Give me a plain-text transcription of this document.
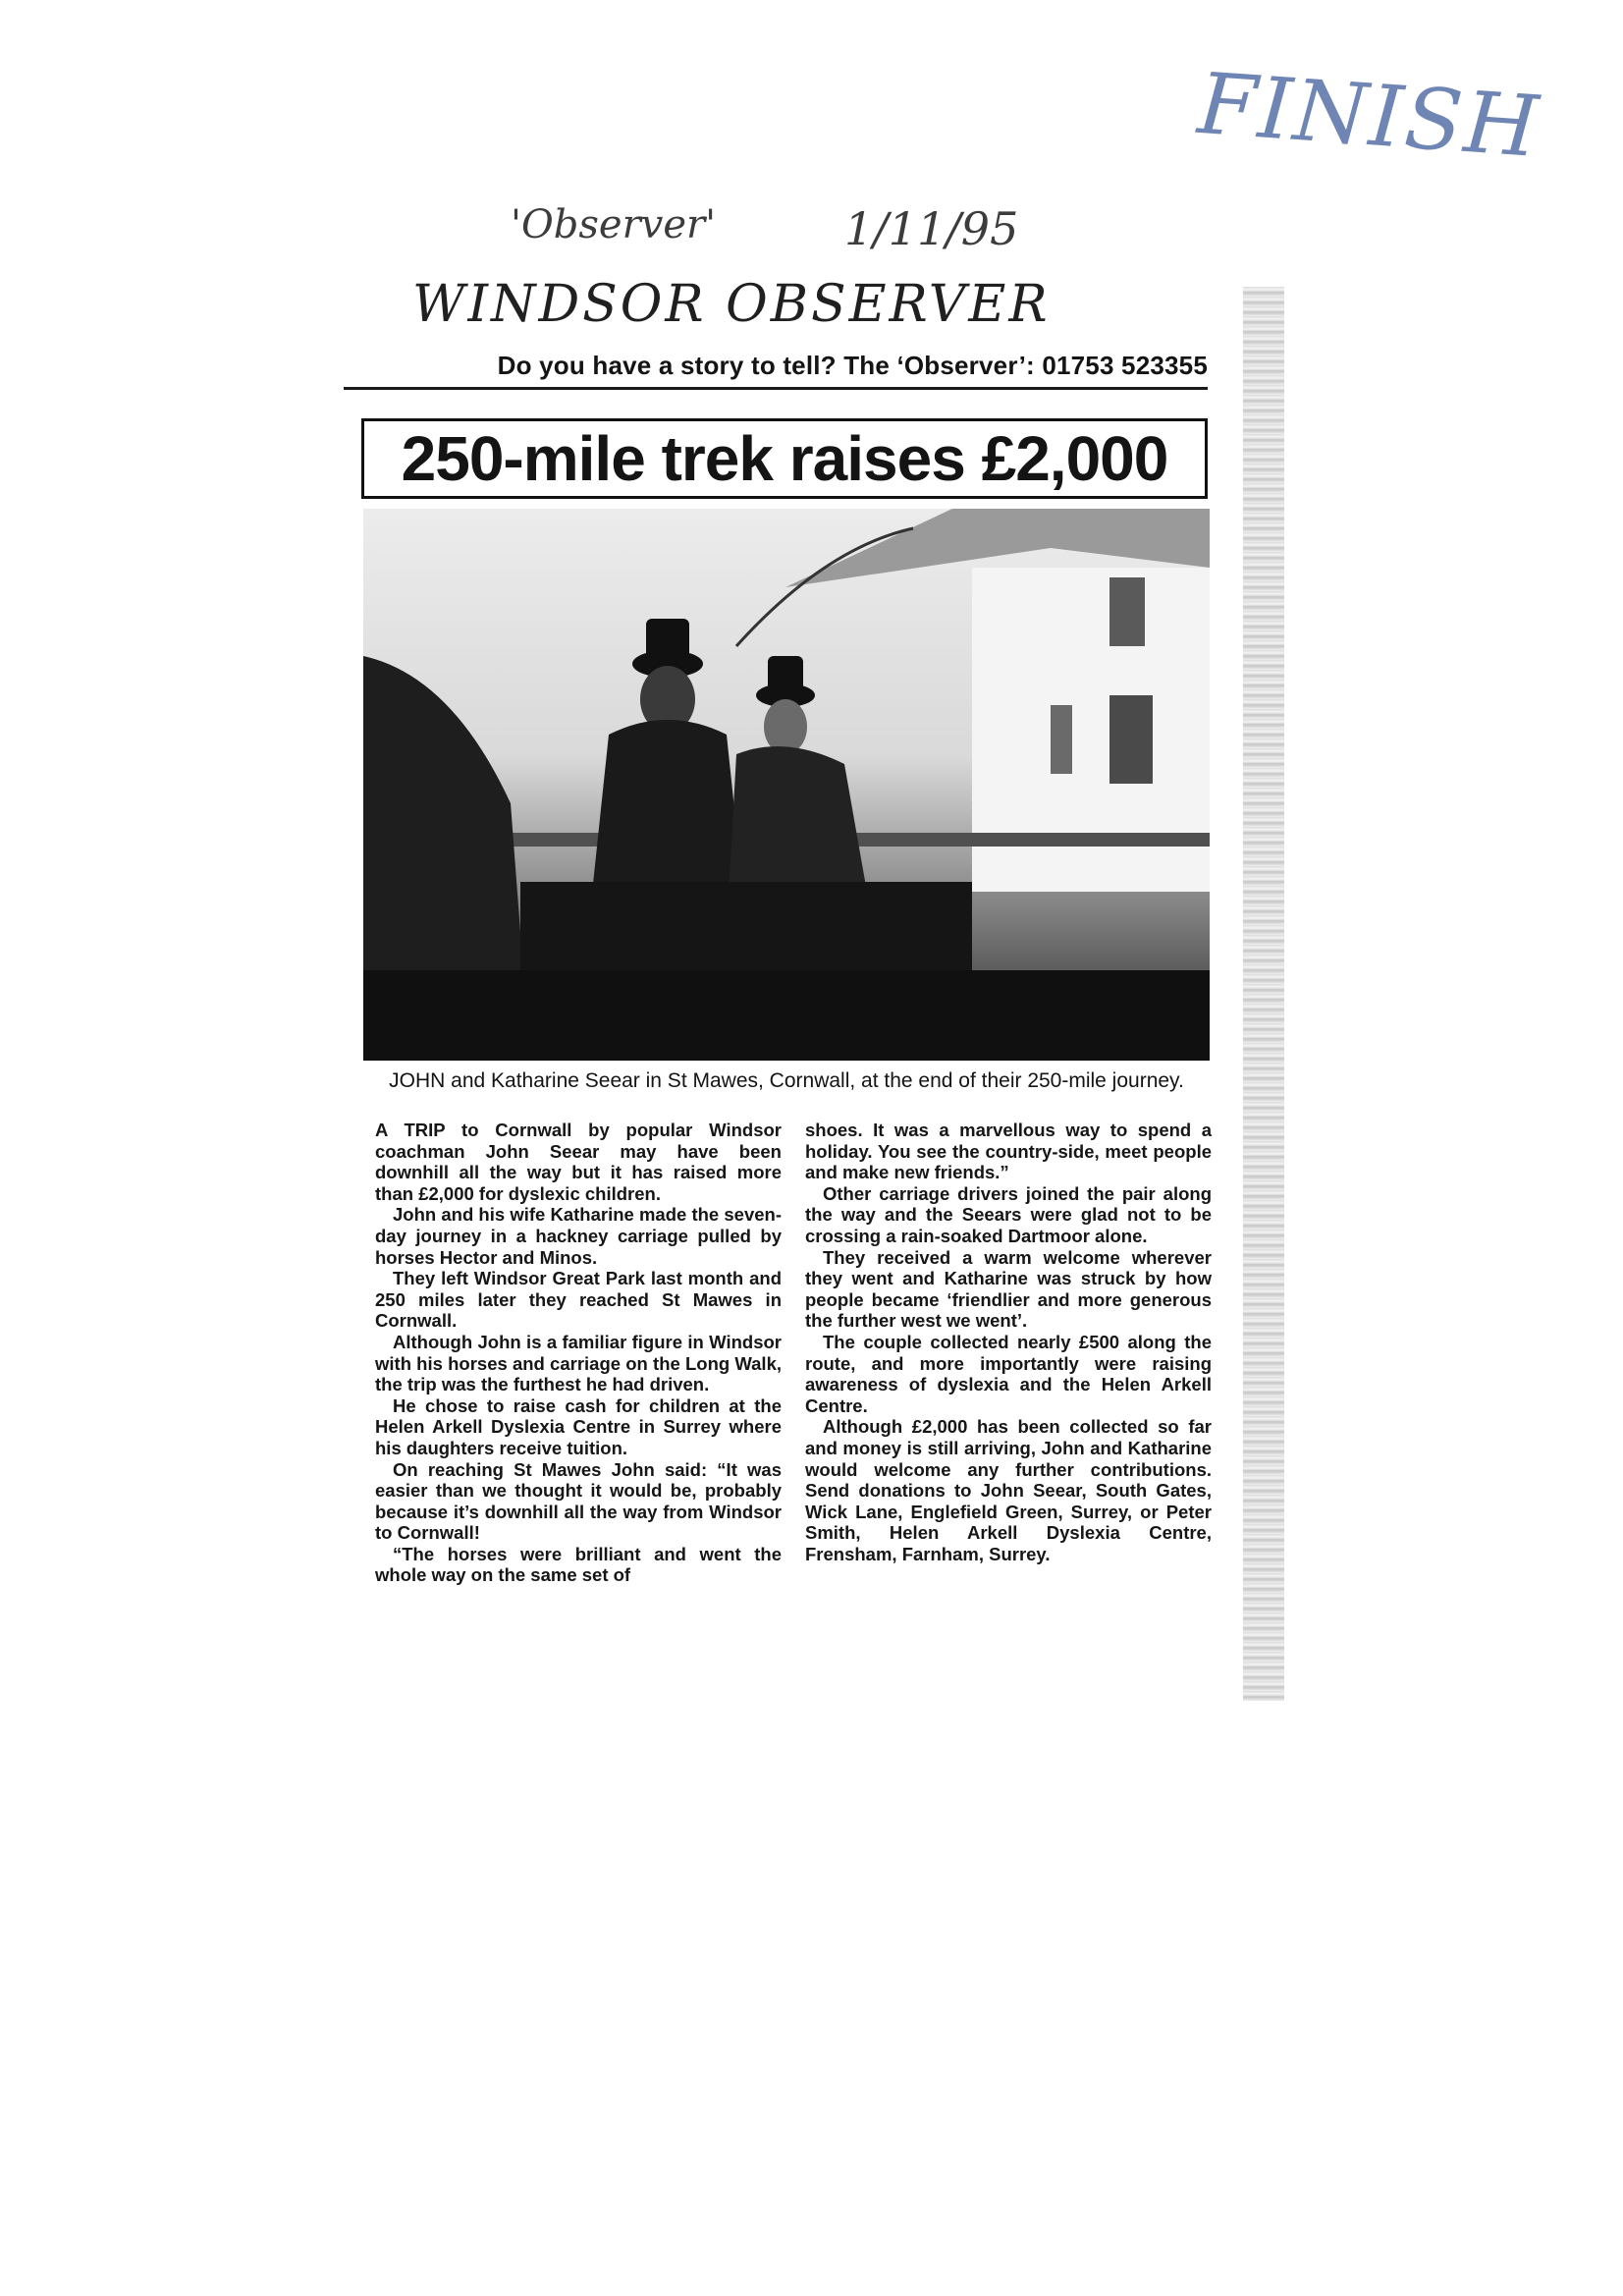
FINISH
'Observer'	1/11/95
WINDSOR OBSERVER
Do you have a story to tell? The ‘Observer’: 01753 523355
250-mile trek raises £2,000
JOHN and Katharine Seear in St Mawes, Cornwall, at the end of their 250-mile journey.

A TRIP to Cornwall by popular Windsor coachman John Seear may have been downhill all the way but it has raised more than £2,000 for dyslexic children.

John and his wife Katharine made the seven-day journey in a hackney carriage pulled by horses Hector and Minos.

They left Windsor Great Park last month and 250 miles later they reached St Mawes in Cornwall.

Although John is a familiar figure in Windsor with his horses and carriage on the Long Walk, the trip was the furthest he had driven.

He chose to raise cash for children at the Helen Arkell Dyslexia Centre in Surrey where his daughters receive tuition.

On reaching St Mawes John said: “It was easier than we thought it would be, probably because it’s downhill all the way from Windsor to Cornwall!

“The horses were brilliant and went the whole way on the same set of

shoes. It was a marvellous way to spend a holiday. You see the country-side, meet people and make new friends.”

Other carriage drivers joined the pair along the way and the Seears were glad not to be crossing a rain-soaked Dartmoor alone.

They received a warm welcome wherever they went and Katharine was struck by how people became ‘friendlier and more generous the further west we went’.

The couple collected nearly £500 along the route, and more importantly were raising awareness of dyslexia and the Helen Arkell Centre.

Although £2,000 has been collected so far and money is still arriving, John and Katharine would welcome any further contributions. Send donations to John Seear, South Gates, Wick Lane, Englefield Green, Surrey, or Peter Smith, Helen Arkell Dyslexia Centre, Frensham, Farnham, Surrey.
